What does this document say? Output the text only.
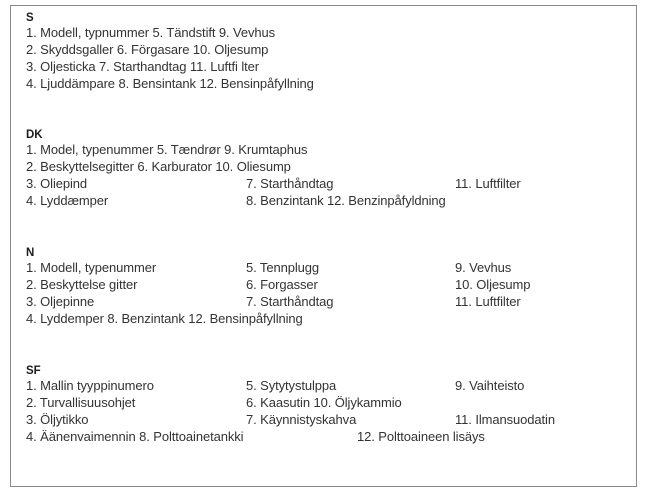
S
1. Modell, typnummer 5. Tändstift 9. Vevhus
2. Skyddsgaller 6. Förgasare 10. Oljesump
3. Oljesticka 7. Starthandtag 11. Luftfi lter
4. Ljuddämpare 8. Bensintank 12. Bensinpåfyllning
DK
1. Model, typenummer 5. Tændrør 9. Krumtaphus
2. Beskyttelsegitter 6. Karburator 10. Oliesump
3. Oliepind	7. Starthåndtag	11. Luftfilter
4. Lyddæmper	8. Benzintank 12. Benzinpåfyldning
N
1. Modell, typenummer	5. Tennplugg	9. Vevhus
2. Beskyttelse gitter	6. Forgasser	10. Oljesump
3. Oljepinne	7. Starthåndtag	11. Luftfilter
4. Lyddemper 8. Benzintank 12. Bensinpåfyllning
SF
1. Mallin tyyppinumero	5. Sytytystulppa	9. Vaihteisto
2. Turvallisuusohjet	6. Kaasutin 10. Öljykammio
3. Öljytikko	7. Käynnistyskahva	11. Ilmansuodatin
4. Äänenvaimennin 8. Polttoainetankki	12. Polttoaineen lisäys
